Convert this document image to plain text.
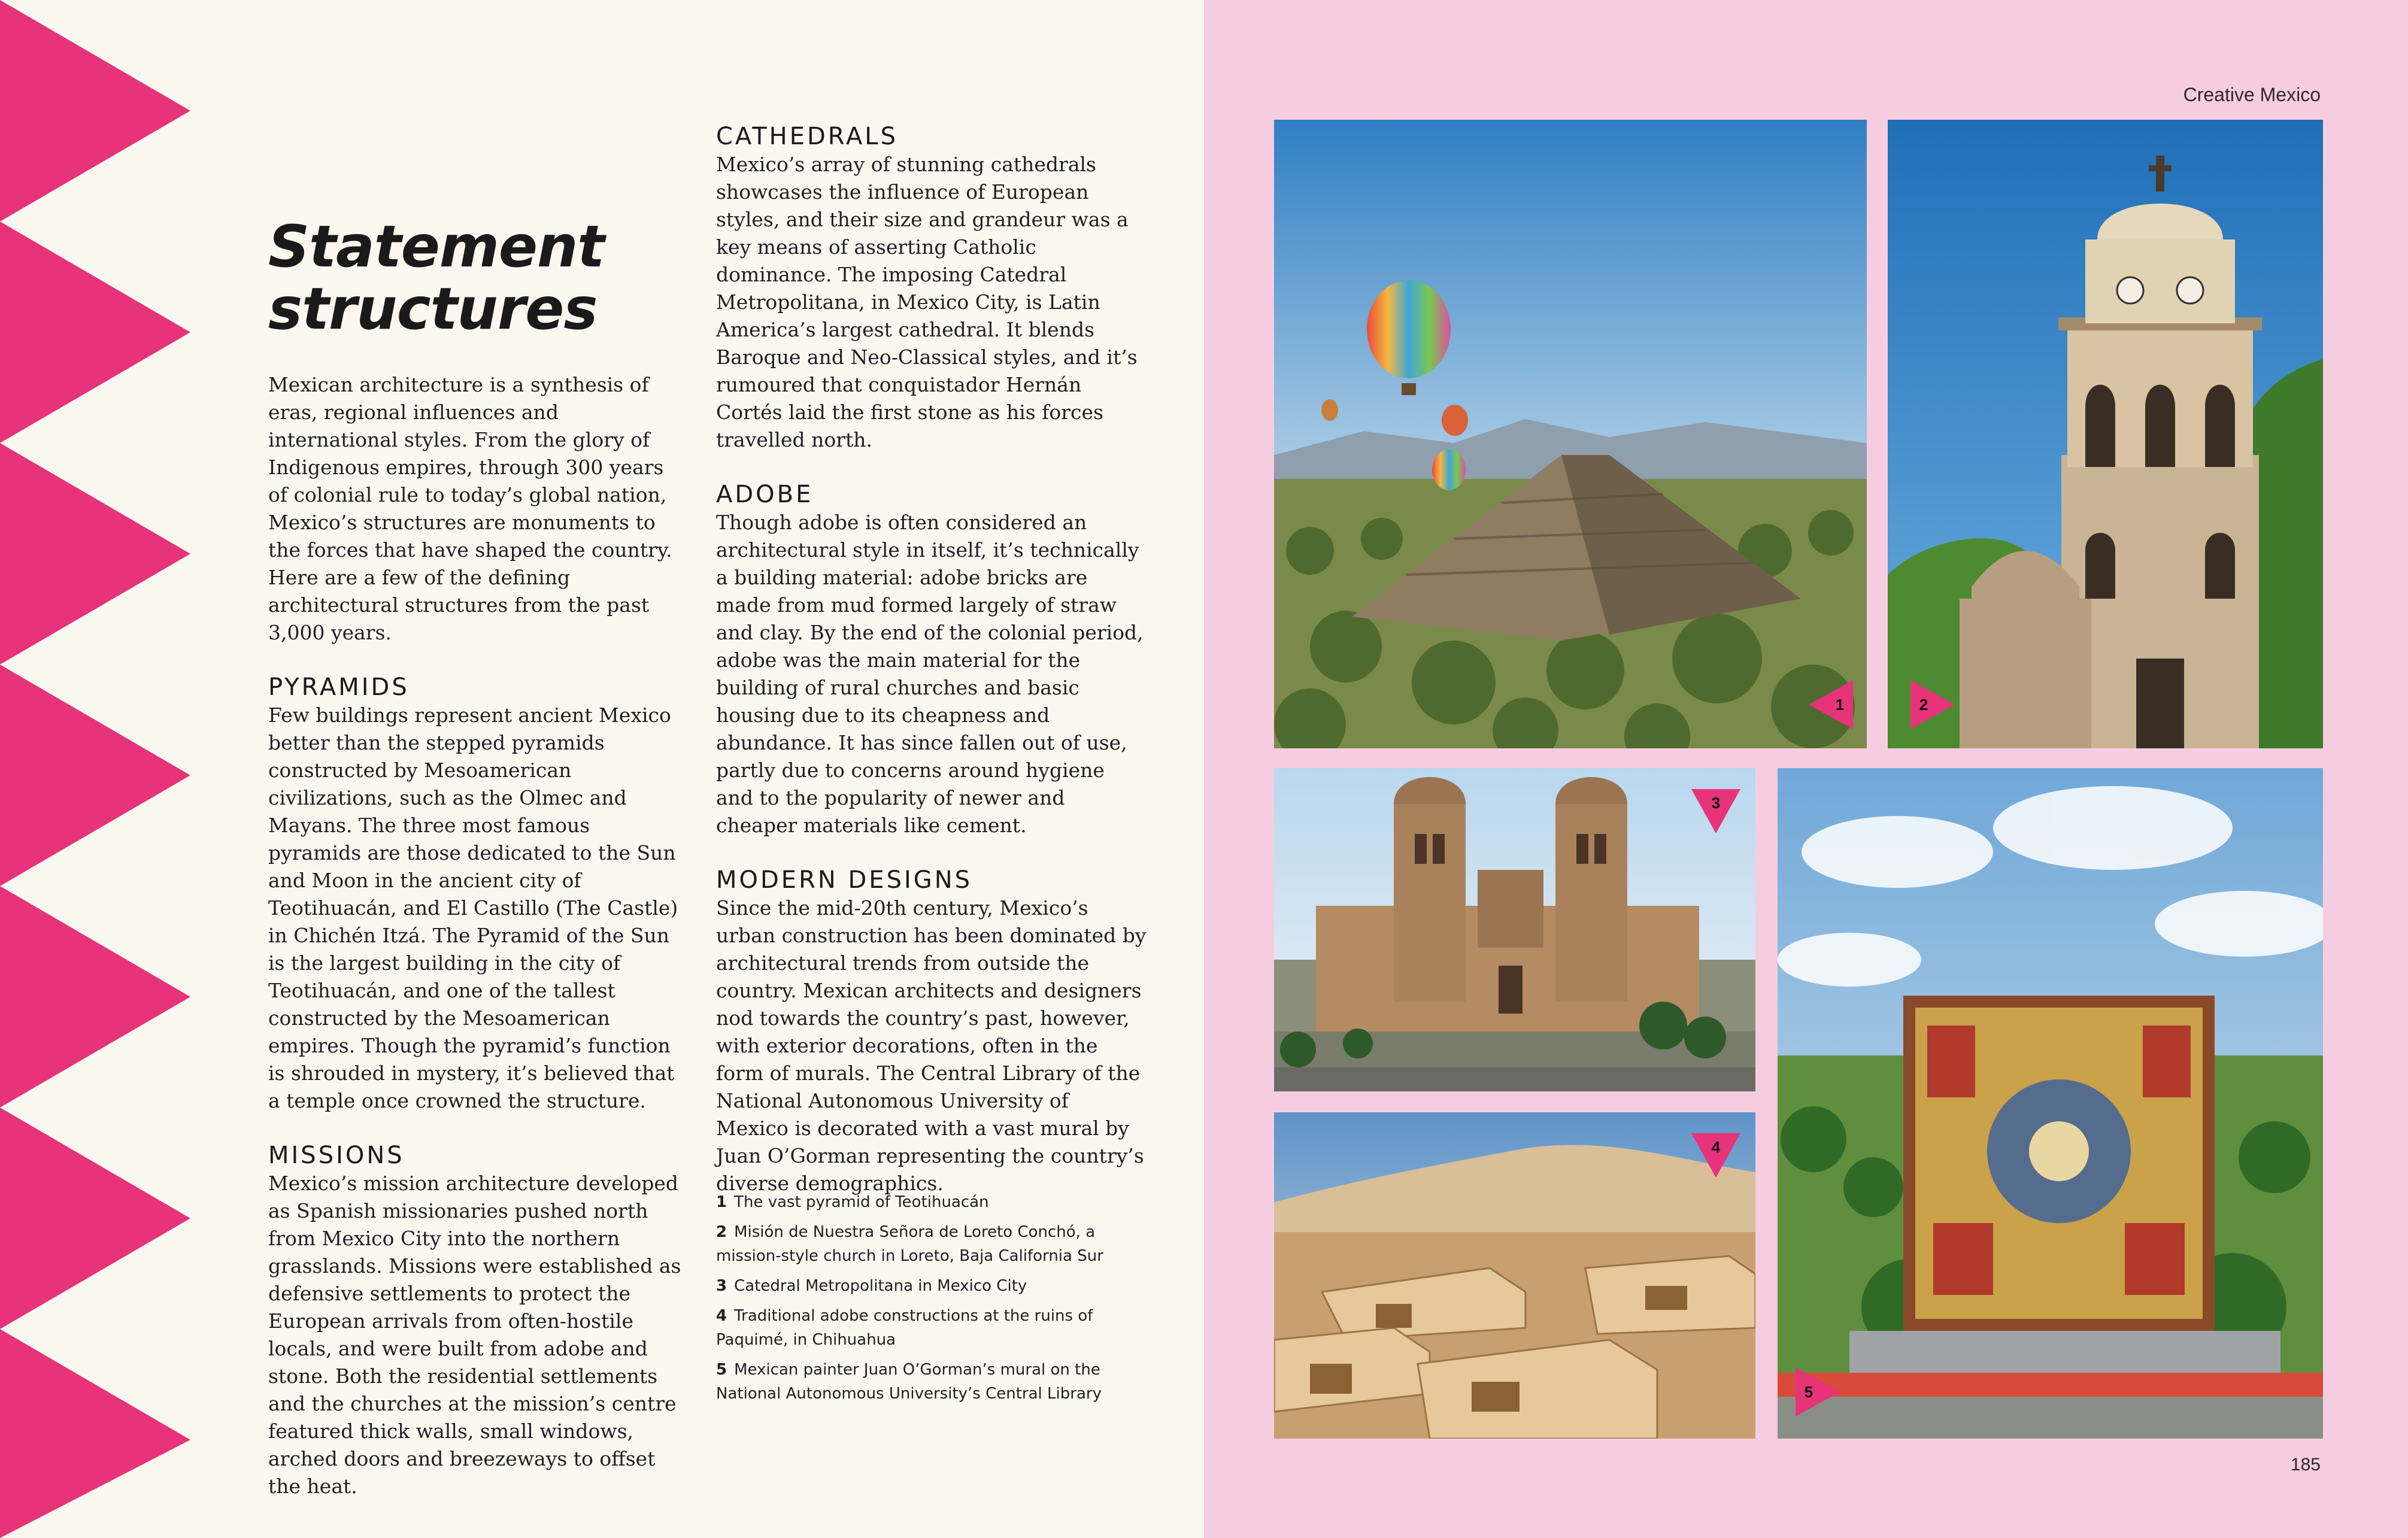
Statement
structures

Mexican architecture is a synthesis of eras, regional influences and international styles. From the glory of Indigenous empires, through 300 years of colonial rule to today’s global nation, Mexico’s structures are monuments to the forces that have shaped the country. Here are a few of the defining architectural structures from the past 3,000 years.

PYRAMIDS

Few buildings represent ancient Mexico better than the stepped pyramids constructed by Mesoamerican civilizations, such as the Olmec and Mayans. The three most famous pyramids are those dedicated to the Sun and Moon in the ancient city of Teotihuacán, and El Castillo (The Castle) in Chichén Itzá. The Pyramid of the Sun is the largest building in the city of Teotihuacán, and one of the tallest constructed by the Mesoamerican empires. Though the pyramid’s function is shrouded in mystery, it’s believed that a temple once crowned the structure.

MISSIONS

Mexico’s mission architecture developed as Spanish missionaries pushed north from Mexico City into the northern grasslands. Missions were established as defensive settlements to protect the European arrivals from often-hostile locals, and were built from adobe and stone. Both the residential settlements and the churches at the mission’s centre featured thick walls, small windows, arched doors and breezeways to offset the heat.

CATHEDRALS

Mexico’s array of stunning cathedrals showcases the influence of European styles, and their size and grandeur was a key means of asserting Catholic dominance. The imposing Catedral Metropolitana, in Mexico City, is Latin America’s largest cathedral. It blends Baroque and Neo-Classical styles, and it’s rumoured that conquistador Hernán Cortés laid the first stone as his forces travelled north.

ADOBE

Though adobe is often considered an architectural style in itself, it’s technically a building material: adobe bricks are made from mud formed largely of straw and clay. By the end of the colonial period, adobe was the main material for the building of rural churches and basic housing due to its cheapness and abundance. It has since fallen out of use, partly due to concerns around hygiene and to the popularity of newer and cheaper materials like cement.

MODERN DESIGNS

Since the mid-20th century, Mexico’s urban construction has been dominated by architectural trends from outside the country. Mexican architects and designers nod towards the country’s past, however, with exterior decorations, often in the form of murals. The Central Library of the National Autonomous University of Mexico is decorated with a vast mural by Juan O’Gorman representing the country’s diverse demographics.

1 The vast pyramid of Teotihuacán
2 Misión de Nuestra Señora de Loreto Conchó, a mission-style church in Loreto, Baja California Sur
3 Catedral Metropolitana in Mexico City
4 Traditional adobe constructions at the ruins of Paquimé, in Chihuahua
5 Mexican painter Juan O’Gorman’s mural on the National Autonomous University’s Central Library
Creative Mexico
1	2
3
4
5
185
